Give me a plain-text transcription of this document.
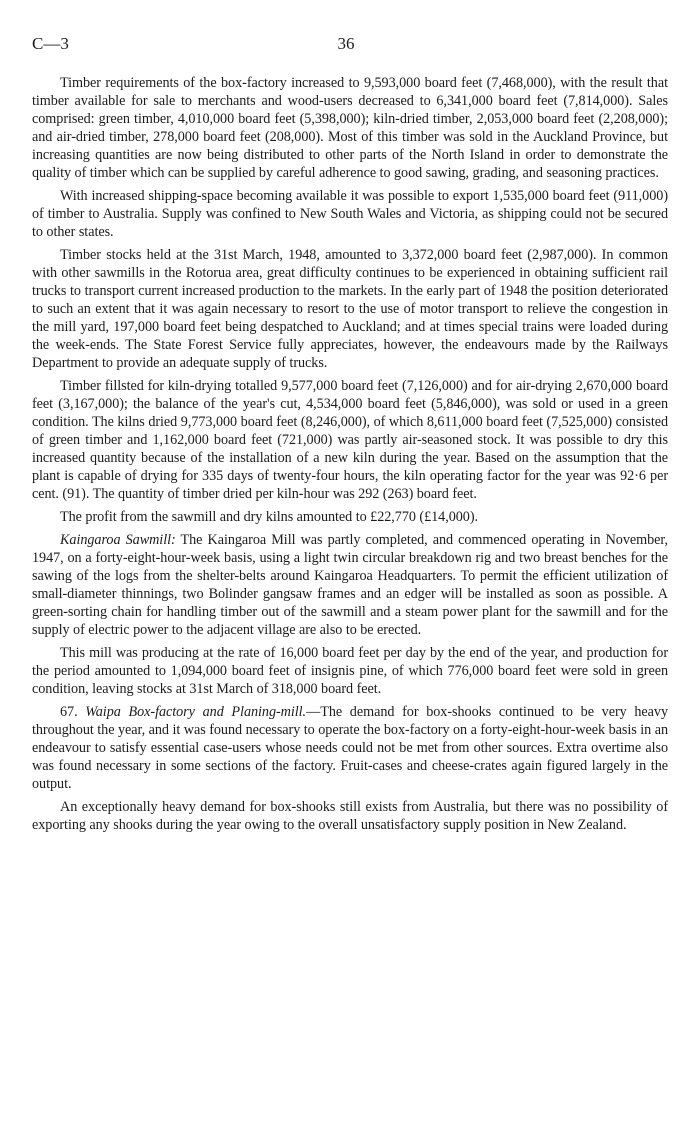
C—3	36

Timber requirements of the box-factory increased to 9,593,000 board feet (7,468,000), with the result that timber available for sale to merchants and wood-users decreased to 6,341,000 board feet (7,814,000). Sales comprised: green timber, 4,010,000 board feet (5,398,000); kiln-dried timber, 2,053,000 board feet (2,208,000); and air-dried timber, 278,000 board feet (208,000). Most of this timber was sold in the Auckland Province, but increasing quantities are now being distributed to other parts of the North Island in order to demonstrate the quality of timber which can be supplied by careful adherence to good sawing, grading, and seasoning practices.

With increased shipping-space becoming available it was possible to export 1,535,000 board feet (911,000) of timber to Australia. Supply was confined to New South Wales and Victoria, as shipping could not be secured to other states.

Timber stocks held at the 31st March, 1948, amounted to 3,372,000 board feet (2,987,000). In common with other sawmills in the Rotorua area, great difficulty continues to be experienced in obtaining sufficient rail trucks to transport current increased production to the markets. In the early part of 1948 the position deteriorated to such an extent that it was again necessary to resort to the use of motor transport to relieve the congestion in the mill yard, 197,000 board feet being despatched to Auckland; and at times special trains were loaded during the week-ends. The State Forest Service fully appreciates, however, the endeavours made by the Railways Department to provide an adequate supply of trucks.

Timber fillsted for kiln-drying totalled 9,577,000 board feet (7,126,000) and for air-drying 2,670,000 board feet (3,167,000); the balance of the year's cut, 4,534,000 board feet (5,846,000), was sold or used in a green condition. The kilns dried 9,773,000 board feet (8,246,000), of which 8,611,000 board feet (7,525,000) consisted of green timber and 1,162,000 board feet (721,000) was partly air-seasoned stock. It was possible to dry this increased quantity because of the installation of a new kiln during the year. Based on the assumption that the plant is capable of drying for 335 days of twenty-four hours, the kiln operating factor for the year was 92·6 per cent. (91). The quantity of timber dried per kiln-hour was 292 (263) board feet.

The profit from the sawmill and dry kilns amounted to £22,770 (£14,000).

Kaingaroa Sawmill: The Kaingaroa Mill was partly completed, and commenced operating in November, 1947, on a forty-eight-hour-week basis, using a light twin circular breakdown rig and two breast benches for the sawing of the logs from the shelter-belts around Kaingaroa Headquarters. To permit the efficient utilization of small-diameter thinnings, two Bolinder gangsaw frames and an edger will be installed as soon as possible. A green-sorting chain for handling timber out of the sawmill and a steam power plant for the sawmill and for the supply of electric power to the adjacent village are also to be erected.

This mill was producing at the rate of 16,000 board feet per day by the end of the year, and production for the period amounted to 1,094,000 board feet of insignis pine, of which 776,000 board feet were sold in green condition, leaving stocks at 31st March of 318,000 board feet.

67. Waipa Box-factory and Planing-mill.—The demand for box-shooks continued to be very heavy throughout the year, and it was found necessary to operate the box-factory on a forty-eight-hour-week basis in an endeavour to satisfy essential case-users whose needs could not be met from other sources. Extra overtime also was found necessary in some sections of the factory. Fruit-cases and cheese-crates again figured largely in the output.

An exceptionally heavy demand for box-shooks still exists from Australia, but there was no possibility of exporting any shooks during the year owing to the overall unsatisfactory supply position in New Zealand.
